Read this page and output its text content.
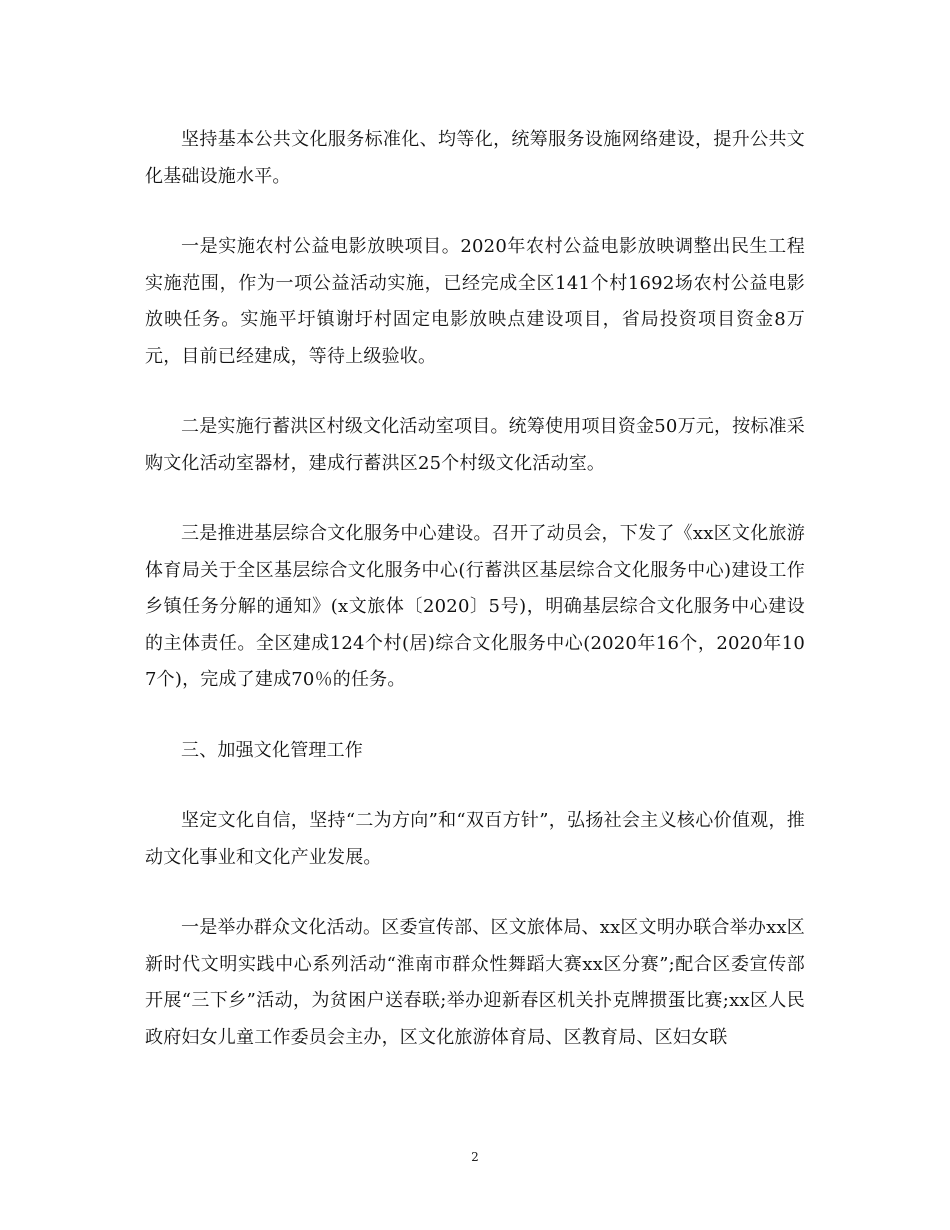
坚持基本公共文化服务标准化、均等化，统筹服务设施网络建设，提升公共文化基础设施水平。

一是实施农村公益电影放映项目。2020年农村公益电影放映调整出民生工程实施范围，作为一项公益活动实施，已经完成全区141个村1692场农村公益电影放映任务。实施平圩镇谢圩村固定电影放映点建设项目，省局投资项目资金8万元，目前已经建成，等待上级验收。

二是实施行蓄洪区村级文化活动室项目。统筹使用项目资金50万元，按标准采购文化活动室器材，建成行蓄洪区25个村级文化活动室。

三是推进基层综合文化服务中心建设。召开了动员会，下发了《xx区文化旅游体育局关于全区基层综合文化服务中心(行蓄洪区基层综合文化服务中心)建设工作乡镇任务分解的通知》(x文旅体〔2020〕5号)，明确基层综合文化服务中心建设的主体责任。全区建成124个村(居)综合文化服务中心(2020年16个，2020年107个)，完成了建成70％的任务。

三、加强文化管理工作

坚定文化自信，坚持“二为方向”和“双百方针”，弘扬社会主义核心价值观，推动文化事业和文化产业发展。

一是举办群众文化活动。区委宣传部、区文旅体局、xx区文明办联合举办xx区新时代文明实践中心系列活动“淮南市群众性舞蹈大赛xx区分赛”;配合区委宣传部开展“三下乡”活动，为贫困户送春联;举办迎新春区机关扑克牌掼蛋比赛;xx区人民政府妇女儿童工作委员会主办，区文化旅游体育局、区教育局、区妇女联

2
